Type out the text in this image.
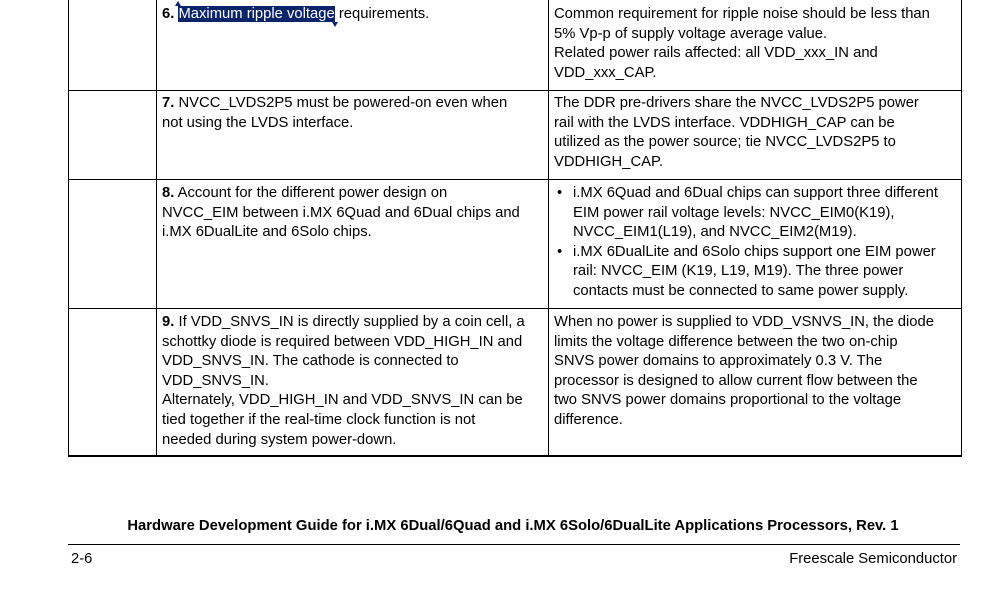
6. Maximum ripple voltage
requirements.	Common requirement for ripple noise should be less than

5% Vp-p of supply voltage average value.

Related power rails affected: all VDD_xxx_IN and

VDD_xxx_CAP.

7. NVCC_LVDS2P5 must be powered-on even when

not using the LVDS interface.

The DDR pre-drivers share the NVCC_LVDS2P5 power

rail with the LVDS interface. VDDHIGH_CAP can be

utilized as the power source; tie NVCC_LVDS2P5 to

VDDHIGH_CAP.

8. Account for the different power design on

NVCC_EIM between i.MX 6Quad and 6Dual chips and

i.MX 6DualLite and 6Solo chips.

• i.MX 6Quad and 6Dual chips can support three different

EIM power rail voltage levels: NVCC_EIM0(K19),

NVCC_EIM1(L19), and NVCC_EIM2(M19).

• i.MX 6DualLite and 6Solo chips support one EIM power

rail: NVCC_EIM (K19, L19, M19). The three power

contacts must be connected to same power supply.

9. If VDD_SNVS_IN is directly supplied by a coin cell, a

schottky diode is required between VDD_HIGH_IN and

VDD_SNVS_IN. The cathode is connected to

VDD_SNVS_IN.

Alternately, VDD_HIGH_IN and VDD_SNVS_IN can be

tied together if the real-time clock function is not

needed during system power-down.

When no power is supplied to VDD_VSNVS_IN, the diode

limits the voltage difference between the two on-chip

SNVS power domains to approximately 0.3 V. The

processor is designed to allow current flow between the

two SNVS power domains proportional to the voltage

difference.

Hardware Development Guide for i.MX 6Dual/6Quad and i.MX 6Solo/6DualLite Applications Processors, Rev. 1
2-6	Freescale Semiconductor
